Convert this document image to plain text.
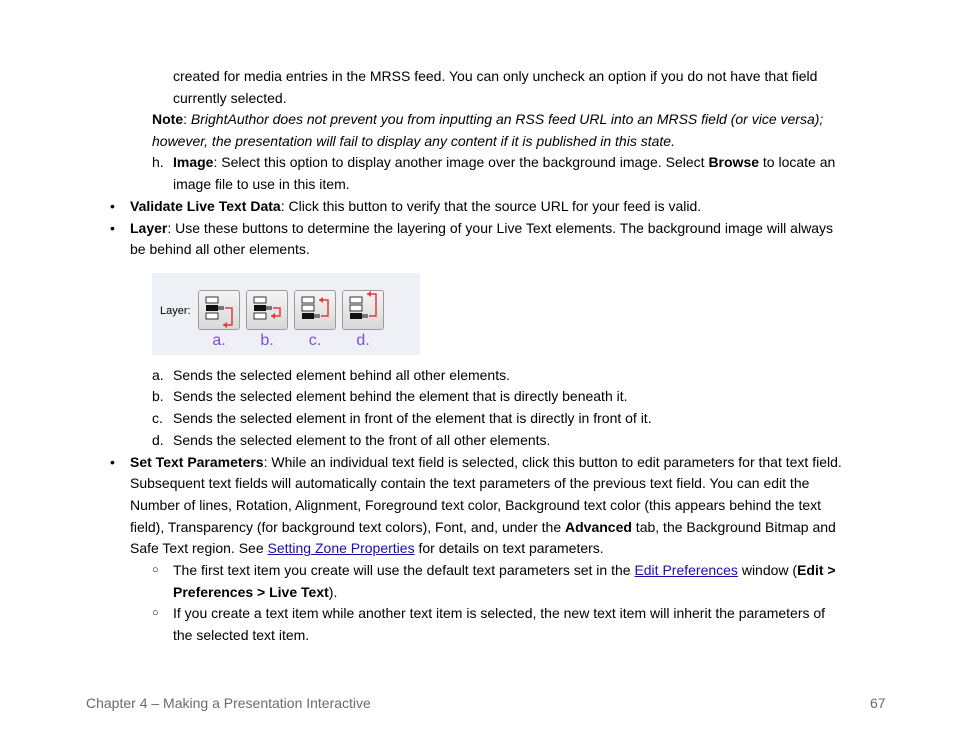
created for media entries in the MRSS feed. You can only uncheck an option if you do not have that field
currently selected.
Note: BrightAuthor does not prevent you from inputting an RSS feed URL into an MRSS field (or vice versa);
however, the presentation will fail to display any content if it is published in this state.
h. Image: Select this option to display another image over the background image. Select Browse to locate an
image file to use in this item.
• Validate Live Text Data: Click this button to verify that the source URL for your feed is valid.
• Layer: Use these buttons to determine the layering of your Live Text elements. The background image will always
be behind all other elements.
Layer:
a.	b.	c.	d.
a. Sends the selected element behind all other elements.
b. Sends the selected element behind the element that is directly beneath it.
c. Sends the selected element in front of the element that is directly in front of it.
d. Sends the selected element to the front of all other elements.
• Set Text Parameters: While an individual text field is selected, click this button to edit parameters for that text field.
Subsequent text fields will automatically contain the text parameters of the previous text field. You can edit the
Number of lines, Rotation, Alignment, Foreground text color, Background text color (this appears behind the text
field), Transparency (for background text colors), Font, and, under the Advanced tab, the Background Bitmap and
Safe Text region. See Setting Zone Properties for details on text parameters.
○ The first text item you create will use the default text parameters set in the Edit Preferences window (Edit >
Preferences > Live Text).
○ If you create a text item while another text item is selected, the new text item will inherit the parameters of
the selected text item.
Chapter 4 – Making a Presentation Interactive	67
